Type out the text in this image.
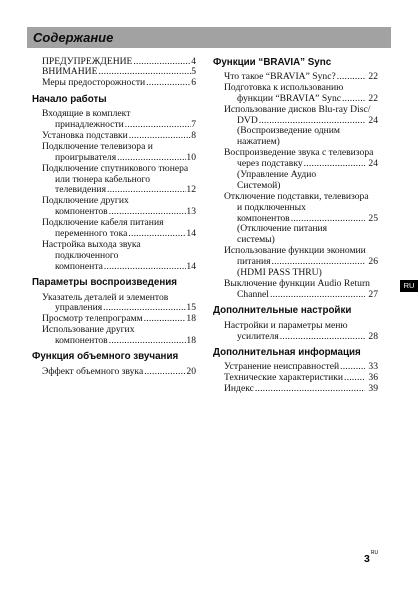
Содержание
ПРЕДУПРЕЖДЕНИЕ .....	4
ВНИМАНИЕ .....	5
Меры предосторожности .....	6
Начало работы
Входящие в комплект
принадлежности .....	7
Установка подставки .....	8
Подключение телевизора и
проигрывателя .....	10
Подключение спутникового тюнера
или тюнера кабельного
телевидения .....	12
Подключение других
компонентов .....	13
Подключение кабеля питания
переменного тока .....	14
Настройка выхода звука
подключенного
компонента .....	14
Параметры воспроизведения
Указатель деталей и элементов
управления .....	15
Просмотр телепрограмм .....	18
Использование других
компонентов .....	18
Функция объемного звучания
Эффект объемного звука .....	20
Функции “BRAVIA” Sync
Что такое “BRAVIA” Sync? .....	22
Подготовка к использованию
функции “BRAVIA” Sync .....	22
Использование дисков Blu-ray Disc/
DVD .....	24
(Воспроизведение одним
нажатием)
Воспроизведение звука с телевизора
через подставку .....	24
(Управление Аудио
Системой)
Отключение подставки, телевизора
и подключенных
компонентов .....	25
(Отключение питания
системы)
Использование функции экономии
питания .....	26
(HDMI PASS THRU)
Выключение функции Audio Return
Channel .....	27
Дополнительные настройки
Настройки и параметры меню
усилителя .....	28
Дополнительная информация
Устранение неисправностей .....	33
Технические характеристики .....	36
Индекс .....	39
RU
3RU
